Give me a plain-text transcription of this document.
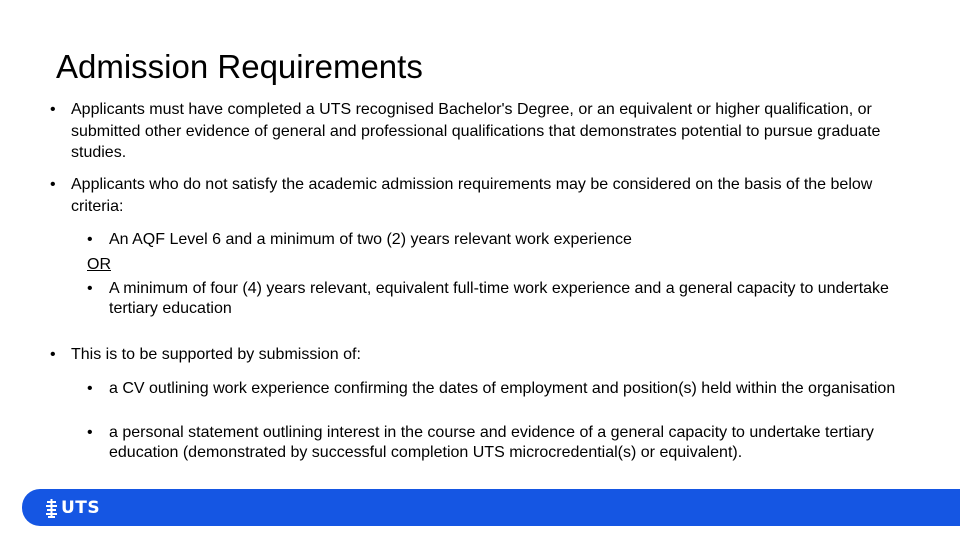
Admission Requirements
• Applicants must have completed a UTS recognised Bachelor's Degree, or an equivalent or higher qualification, or submitted other evidence of general and professional qualifications that demonstrates potential to pursue graduate studies.
• Applicants who do not satisfy the academic admission requirements may be considered on the basis of the below criteria:
• An AQF Level 6 and a minimum of two (2) years relevant work experience
OR
• A minimum of four (4) years relevant, equivalent full-time work experience and a general capacity to undertake tertiary education
• This is to be supported by submission of:
• a CV outlining work experience confirming the dates of employment and position(s) held within the organisation
• a personal statement outlining interest in the course and evidence of a general capacity to undertake tertiary education (demonstrated by successful completion UTS microcredential(s) or equivalent).
UTS
